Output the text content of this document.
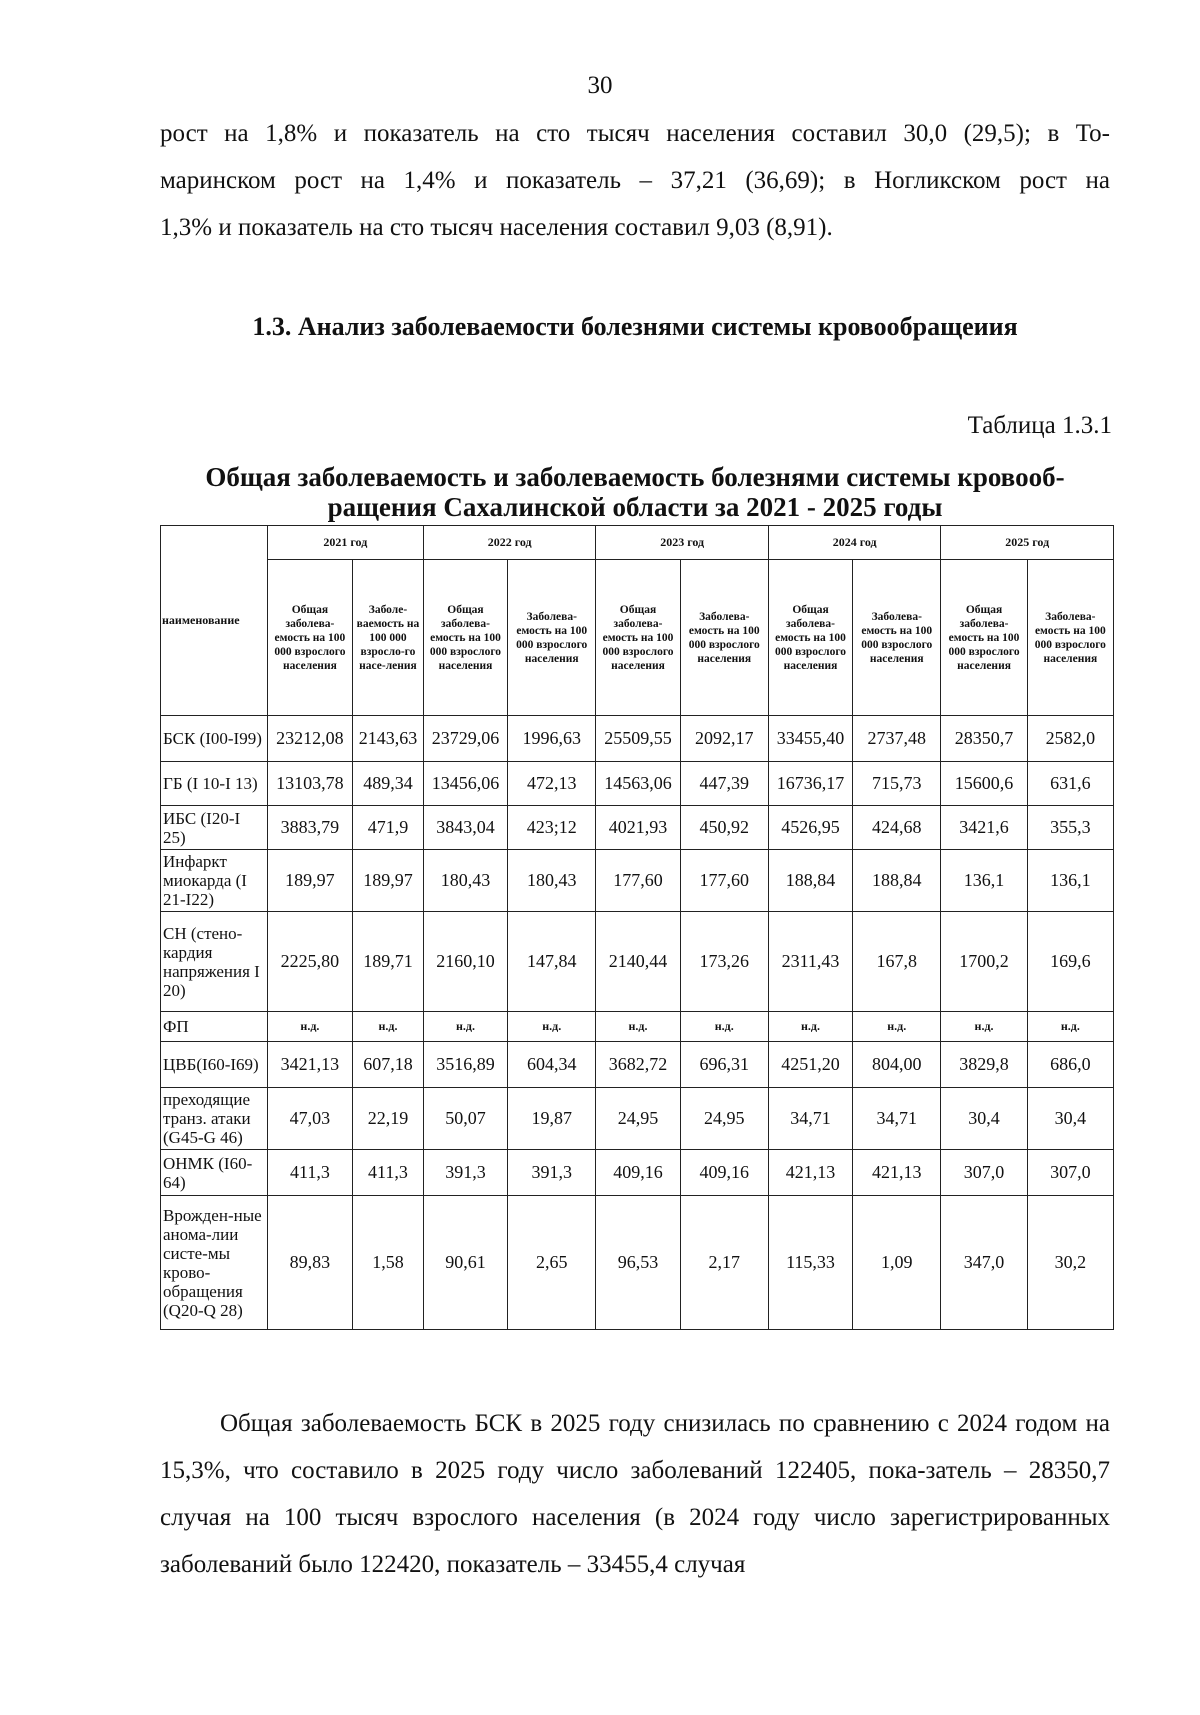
30

рост на 1,8% и показатель на сто тысяч населения составил 30,0 (29,5); в То-

маринском рост на 1,4% и показатель – 37,21 (36,69); в Ногликском рост на

1,3% и показатель на сто тысяч населения составил 9,03 (8,91).

1.3. Анализ заболеваемости болезнями системы кровообращеиия
Таблица 1.3.1
Общая заболеваемость и заболеваемость болезнями системы кровооб-
ращения Сахалинской области за 2021 - 2025 годы
наименование	2021 год		2022 год		2023 год		2024 год		2025 год	
	Общая заболева-емость на 100 000 взрослого населения	Заболе-ваемость на 100 000 взросло-го насе-ления	Общая заболева-емость на 100 000 взрослого населения	Заболева-емость на 100 000 взрослого населения	Общая заболева-емость на 100 000 взрослого населения	Заболева-емость на 100 000 взрослого населения	Общая заболева-емость на 100 000 взрослого населения	Заболева-емость на 100 000 взрослого населения	Общая заболева-емость на 100 000 взрослого населения	Заболева-емость на 100 000 взрослого населения
БСК (I00-I99)	23212,08	2143,63	23729,06	1996,63	25509,55	2092,17	33455,40	2737,48	28350,7	2582,0
ГБ (I 10-I 13)	13103,78	489,34	13456,06	472,13	14563,06	447,39	16736,17	715,73	15600,6	631,6
ИБС (I20-I 25)	3883,79	471,9	3843,04	423;12	4021,93	450,92	4526,95	424,68	3421,6	355,3
Инфаркт миокарда (I 21-I22)	189,97	189,97	180,43	180,43	177,60	177,60	188,84	188,84	136,1	136,1
СН (стено-кардия напряжения I 20)	2225,80	189,71	2160,10	147,84	2140,44	173,26	2311,43	167,8	1700,2	169,6
ФП	н.д.	н.д.	н.д.	н.д.	н.д.	н.д.	н.д.	н.д.	н.д.	н.д.
ЦВБ(I60-I69)	3421,13	607,18	3516,89	604,34	3682,72	696,31	4251,20	804,00	3829,8	686,0
преходящие транз. атаки (G45-G 46)	47,03	22,19	50,07	19,87	24,95	24,95	34,71	34,71	30,4	30,4
ОНМК (I60-64)	411,3	411,3	391,3	391,3	409,16	409,16	421,13	421,13	307,0	307,0
Врожден-ные анома-лии систе-мы крово-обращения (Q20-Q 28)	89,83	1,58	90,61	2,65	96,53	2,17	115,33	1,09	347,0	30,2

Общая заболеваемость БСК в 2025 году снизилась по сравнению с 2024 годом на 15,3%, что составило в 2025 году число заболеваний 122405, пока-затель – 28350,7 случая на 100 тысяч взрослого населения (в 2024 году число зарегистрированных заболеваний было 122420, показатель – 33455,4 случая
